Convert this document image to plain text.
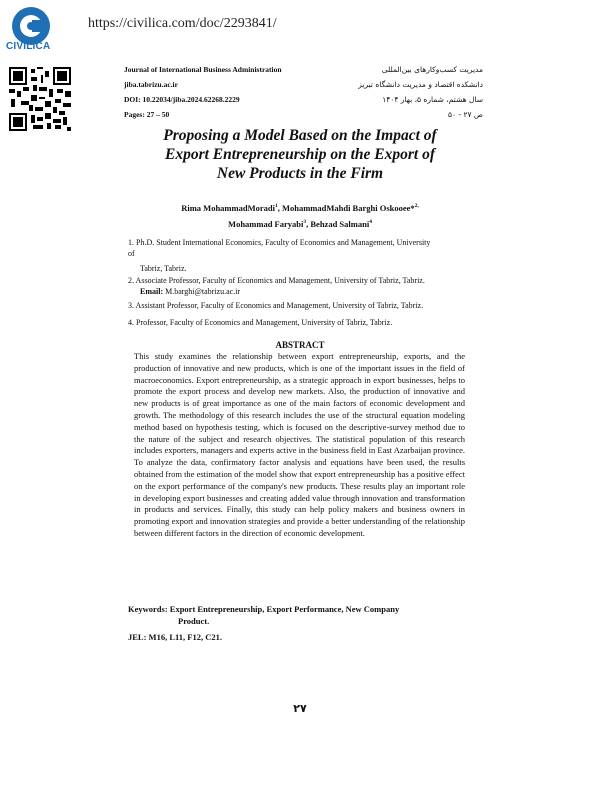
CIVILICA
https://civilica.com/doc/2293841/
Journal of International Business Administration
jiba.tabrizu.ac.ir
DOI: 10.22034/jiba.2024.62268.2229
Pages: 27 – 50
مدیریت کسب‌وکارهای بین‌المللی
دانشکده اقتصاد و مدیریت دانشگاه تبریز
سال هشتم، شماره ۵، بهار ۱۴۰۴
ص ۲۷ - ۵۰
Proposing a Model Based on the Impact of
Export Entrepreneurship on the Export of
New Products in the Firm
Rima MohammadMoradi$^1$, MohammadMahdi Barghi Oskooee*$^{2,}$
Mohammad Faryabi$^3$, Behzad Salmani$^4$
1. Ph.D. Student International Economics, Faculty of Economics and Management, University
of
Tabriz, Tabriz.
2. Associate Professor, Faculty of Economics and Management, University of Tabriz, Tabriz.
Email: M.barghi@tabrizu.ac.ir
3. Assistant Professor, Faculty of Economics and Management, University of Tabriz, Tabriz.
4. Professor, Faculty of Economics and Management, University of Tabriz, Tabriz.
ABSTRACT
This study examines the relationship between export entrepreneurship, exports, and the production of innovative and new products, which is one of the important issues in the field of macroeconomics. Export entrepreneurship, as a strategic approach in export businesses, helps to promote the export process and develop new markets. Also, the production of innovative and new products is of great importance as one of the main factors of economic development and growth. The methodology of this research includes the use of the structural equation modeling method based on hypothesis testing, which is focused on the descriptive-survey method due to the nature of the subject and research objectives. The statistical population of this research includes exporters, managers and experts active in the business field in East Azarbaijan province. To analyze the data, confirmatory factor analysis and equations have been used, the results obtained from the estimation of the model show that export entrepreneurship has a positive effect on the export performance of the company's new products. These results play an important role in developing export businesses and creating added value through innovation and transformation in products and services. Finally, this study can help policy makers and business owners in promoting export and innovation strategies and provide a better understanding of the relationship between different factors in the direction of economic development.
Keywords: Export Entrepreneurship, Export Performance, New Company
Product.
JEL: M16, L11, F12, C21.
۲۷
